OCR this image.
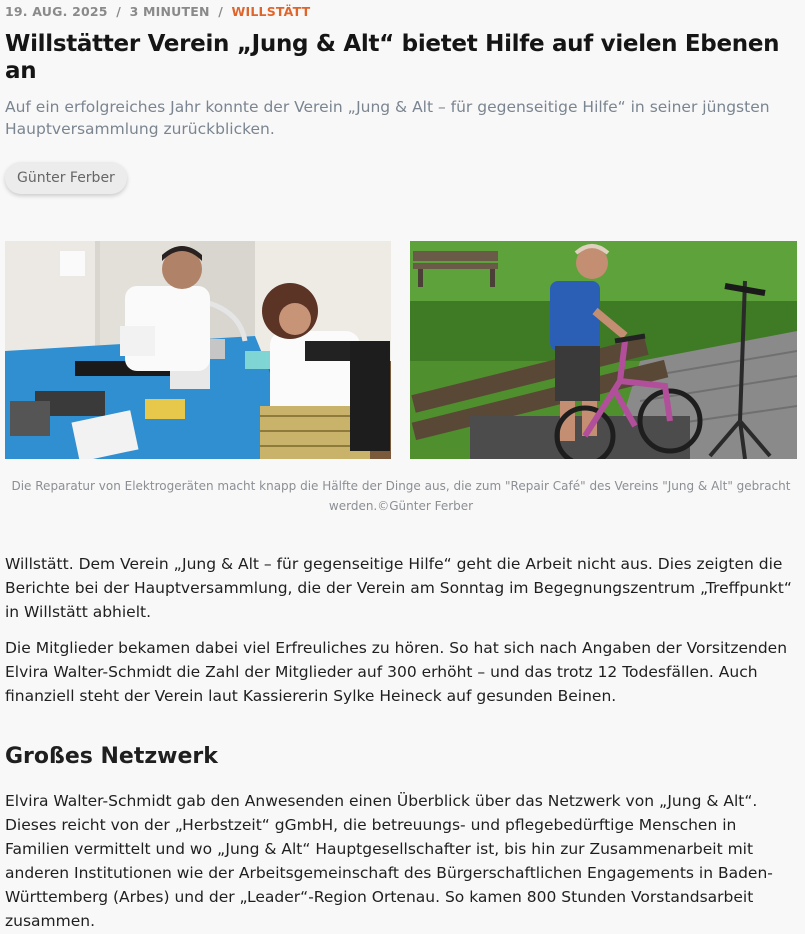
19. AUG. 2025 / 3 MINUTEN / WILLSTÄTT
Willstätter Verein „Jung & Alt“ bietet Hilfe auf vielen Ebenen an

Auf ein erfolgreiches Jahr konnte der Verein „Jung & Alt – für gegenseitige Hilfe“ in seiner jüngsten Hauptversammlung zurückblicken.

Günter Ferber

Die Reparatur von Elektrogeräten macht knapp die Hälfte der Dinge aus, die zum "Repair Café" des Vereins "Jung & Alt" gebracht werden.©Günter Ferber

Willstätt. Dem Verein „Jung & Alt – für gegenseitige Hilfe“ geht die Arbeit nicht aus. Dies zeigten die Berichte bei der Hauptversammlung, die der Verein am Sonntag im Begegnungszentrum „Treffpunkt“ in Willstätt abhielt.

Die Mitglieder bekamen dabei viel Erfreuliches zu hören. So hat sich nach Angaben der Vorsitzenden Elvira Walter-Schmidt die Zahl der Mitglieder auf 300 erhöht – und das trotz 12 Todesfällen. Auch finanziell steht der Verein laut Kassiererin Sylke Heineck auf gesunden Beinen.

Großes Netzwerk

Elvira Walter-Schmidt gab den Anwesenden einen Überblick über das Netzwerk von „Jung & Alt“. Dieses reicht von der „Herbstzeit“ gGmbH, die betreuungs- und pflegebedürftige Menschen in Familien vermittelt und wo „Jung & Alt“ Hauptgesellschafter ist, bis hin zur Zusammenarbeit mit anderen Institutionen wie der Arbeitsgemeinschaft des Bürgerschaftlichen Engagements in Baden-Württemberg (Arbes) und der „Leader“-Region Ortenau. So kamen 800 Stunden Vorstandsarbeit zusammen.
